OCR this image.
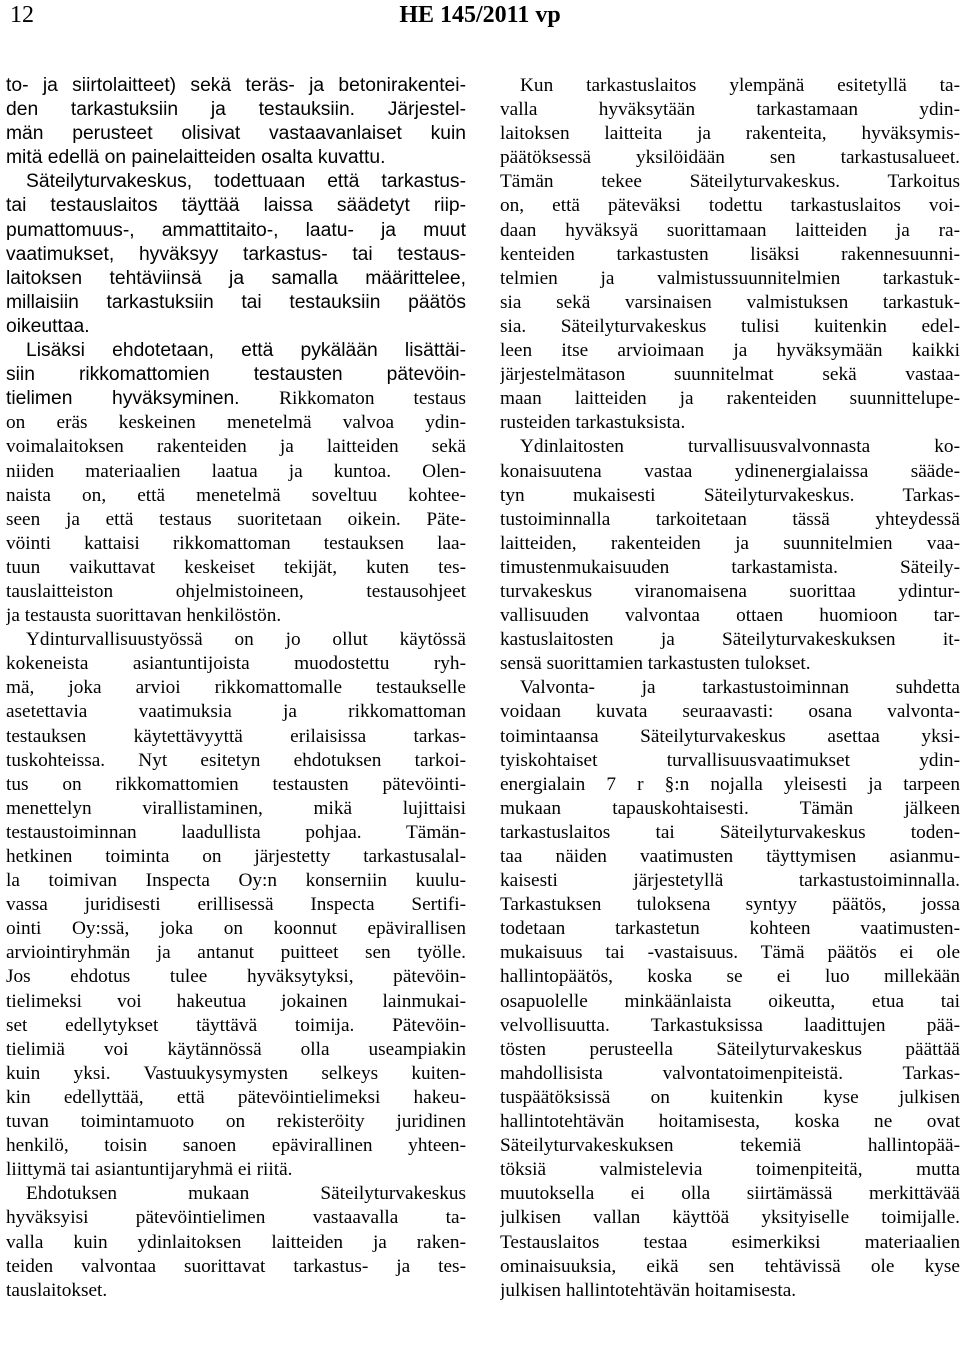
12	HE 145/2011 vp
to- ja siirtolaitteet) sekä teräs- ja betonirakentei-
den tarkastuksiin ja testauksiin. Järjestel-
män perusteet olisivat vastaavanlaiset kuin
mitä edellä on painelaitteiden osalta kuvattu.
Säteilyturvakeskus, todettuaan että tarkastus-
tai testauslaitos täyttää laissa säädetyt riip-
pumattomuus-, ammattitaito-, laatu- ja muut
vaatimukset, hyväksyy tarkastus- tai testaus-
laitoksen tehtäviinsä ja samalla määrittelee,
millaisiin tarkastuksiin tai testauksiin päätös
oikeuttaa.
Lisäksi ehdotetaan, että pykälään lisättäi-
siin rikkomattomien testausten pätevöin-
tielimen hyväksyminen. Rikkomaton testaus
on eräs keskeinen menetelmä valvoa ydin-
voimalaitoksen rakenteiden ja laitteiden sekä
niiden materiaalien laatua ja kuntoa. Olen-
naista on, että menetelmä soveltuu kohtee-
seen ja että testaus suoritetaan oikein. Päte-
vöinti kattaisi rikkomattoman testauksen laa-
tuun vaikuttavat keskeiset tekijät, kuten tes-
tauslaitteiston ohjelmistoineen, testausohjeet
ja testausta suorittavan henkilöstön.
Ydinturvallisuustyössä on jo ollut käytössä
kokeneista asiantuntijoista muodostettu ryh-
mä, joka arvioi rikkomattomalle testaukselle
asetettavia vaatimuksia ja rikkomattoman
testauksen käytettävyyttä erilaisissa tarkas-
tuskohteissa. Nyt esitetyn ehdotuksen tarkoi-
tus on rikkomattomien testausten pätevöinti-
menettelyn virallistaminen, mikä lujittaisi
testaustoiminnan laadullista pohjaa. Tämän-
hetkinen toiminta on järjestetty tarkastusalal-
la toimivan Inspecta Oy:n konserniin kuulu-
vassa juridisesti erillisessä Inspecta Sertifi-
ointi Oy:ssä, joka on koonnut epävirallisen
arviointiryhmän ja antanut puitteet sen työlle.
Jos ehdotus tulee hyväksytyksi, pätevöin-
tielimeksi voi hakeutua jokainen lainmukai-
set edellytykset täyttävä toimija. Pätevöin-
tielimiä voi käytännössä olla useampiakin
kuin yksi. Vastuukysymysten selkeys kuiten-
kin edellyttää, että pätevöintielimeksi hakeu-
tuvan toimintamuoto on rekisteröity juridinen
henkilö, toisin sanoen epävirallinen yhteen-
liittymä tai asiantuntijaryhmä ei riitä.
Ehdotuksen mukaan Säteilyturvakeskus
hyväksyisi pätevöintielimen vastaavalla ta-
valla kuin ydinlaitoksen laitteiden ja raken-
teiden valvontaa suorittavat tarkastus- ja tes-
tauslaitokset.
Kun tarkastuslaitos ylempänä esitetyllä ta-
valla hyväksytään tarkastamaan ydin-
laitoksen laitteita ja rakenteita, hyväksymis-
päätöksessä yksilöidään sen tarkastusalueet.
Tämän tekee Säteilyturvakeskus. Tarkoitus
on, että päteväksi todettu tarkastuslaitos voi-
daan hyväksyä suorittamaan laitteiden ja ra-
kenteiden tarkastusten lisäksi rakennesuunni-
telmien ja valmistussuunnitelmien tarkastuk-
sia sekä varsinaisen valmistuksen tarkastuk-
sia. Säteilyturvakeskus tulisi kuitenkin edel-
leen itse arvioimaan ja hyväksymään kaikki
järjestelmätason suunnitelmat sekä vastaa-
maan laitteiden ja rakenteiden suunnittelupe-
rusteiden tarkastuksista.
Ydinlaitosten turvallisuusvalvonnasta ko-
konaisuutena vastaa ydinenergialaissa sääde-
tyn mukaisesti Säteilyturvakeskus. Tarkas-
tustoiminnalla tarkoitetaan tässä yhteydessä
laitteiden, rakenteiden ja suunnitelmien vaa-
timustenmukaisuuden tarkastamista. Säteily-
turvakeskus viranomaisena suorittaa ydintur-
vallisuuden valvontaa ottaen huomioon tar-
kastuslaitosten ja Säteilyturvakeskuksen it-
sensä suorittamien tarkastusten tulokset.
Valvonta- ja tarkastustoiminnan suhdetta
voidaan kuvata seuraavasti: osana valvonta-
toimintaansa Säteilyturvakeskus asettaa yksi-
tyiskohtaiset turvallisuusvaatimukset ydin-
energialain 7 r §:n nojalla yleisesti ja tarpeen
mukaan tapauskohtaisesti. Tämän jälkeen
tarkastuslaitos tai Säteilyturvakeskus toden-
taa näiden vaatimusten täyttymisen asianmu-
kaisesti järjestetyllä tarkastustoiminnalla.
Tarkastuksen tuloksena syntyy päätös, jossa
todetaan tarkastetun kohteen vaatimusten-
mukaisuus tai -vastaisuus. Tämä päätös ei ole
hallintopäätös, koska se ei luo millekään
osapuolelle minkäänlaista oikeutta, etua tai
velvollisuutta. Tarkastuksissa laadittujen pää-
tösten perusteella Säteilyturvakeskus päättää
mahdollisista valvontatoimenpiteistä. Tarkas-
tuspäätöksissä on kuitenkin kyse julkisen
hallintotehtävän hoitamisesta, koska ne ovat
Säteilyturvakeskuksen tekemiä hallintopää-
töksiä valmistelevia toimenpiteitä, mutta
muutoksella ei olla siirtämässä merkittävää
julkisen vallan käyttöä yksityiselle toimijalle.
Testauslaitos testaa esimerkiksi materiaalien
ominaisuuksia, eikä sen tehtävissä ole kyse
julkisen hallintotehtävän hoitamisesta.
